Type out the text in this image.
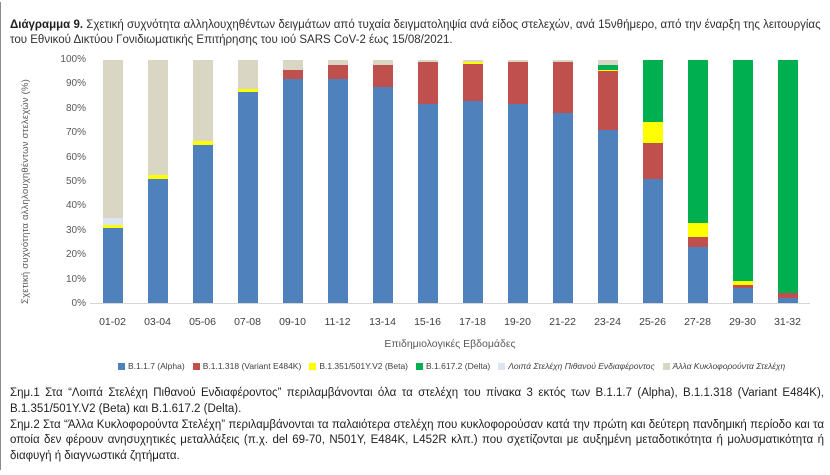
Διάγραμμα 9. Σχετική συχνότητα αλληλουχηθέντων δειγμάτων από τυχαία δειγματοληψία ανά είδος στελεχών, ανά 15νθήμερο, από την έναρξη της λειτουργίας του Εθνικού Δικτύου Γονιδιωματικής Επιτήρησης του ιού SARS CoV-2 έως 15/08/2021.

Σχετική συχνότητα αλληλουχηθέντων στελεχών (%)	0%
10%
20%
30%
40%
50%
60%
70%
80%
90%
100%
01-02	03-04	05-06	07-08	09-10	11-12	13-14	15-16	17-18	19-20	21-22	23-24	25-26	27-28	29-30	31-32
Επιδημιολογικές Εβδομάδες
B.1.1.7 (Alpha) B.1.1.318 (Variant E484K) B.1.351/501Y.V2 (Beta) B.1.617.2 (Delta) Λοιπά Στελέχη Πιθανού Ενδιαφέροντος Άλλα Κυκλοφορούντα Στελέχη

Σημ.1 Στα “Λοιπά Στελέχη Πιθανού Ενδιαφέροντος” περιλαμβάνονται όλα τα στελέχη του πίνακα 3 εκτός των B.1.1.7 (Alpha), B.1.1.318 (Variant E484K), B.1.351/501Y.V2 (Beta) και B.1.617.2 (Delta).

Σημ.2 Στα “Άλλα Κυκλοφορούντα Στελέχη” περιλαμβάνονται τα παλαιότερα στελέχη που κυκλοφορούσαν κατά την πρώτη και δεύτερη πανδημική περίοδο και τα οποία δεν φέρουν ανησυχητικές μεταλλάξεις (π.χ. del 69-70, N501Y, E484K, L452R κλπ.) που σχετίζονται με αυξημένη μεταδοτικότητα ή μολυσματικότητα ή διαφυγή ή διαγνωστικά ζητήματα.
